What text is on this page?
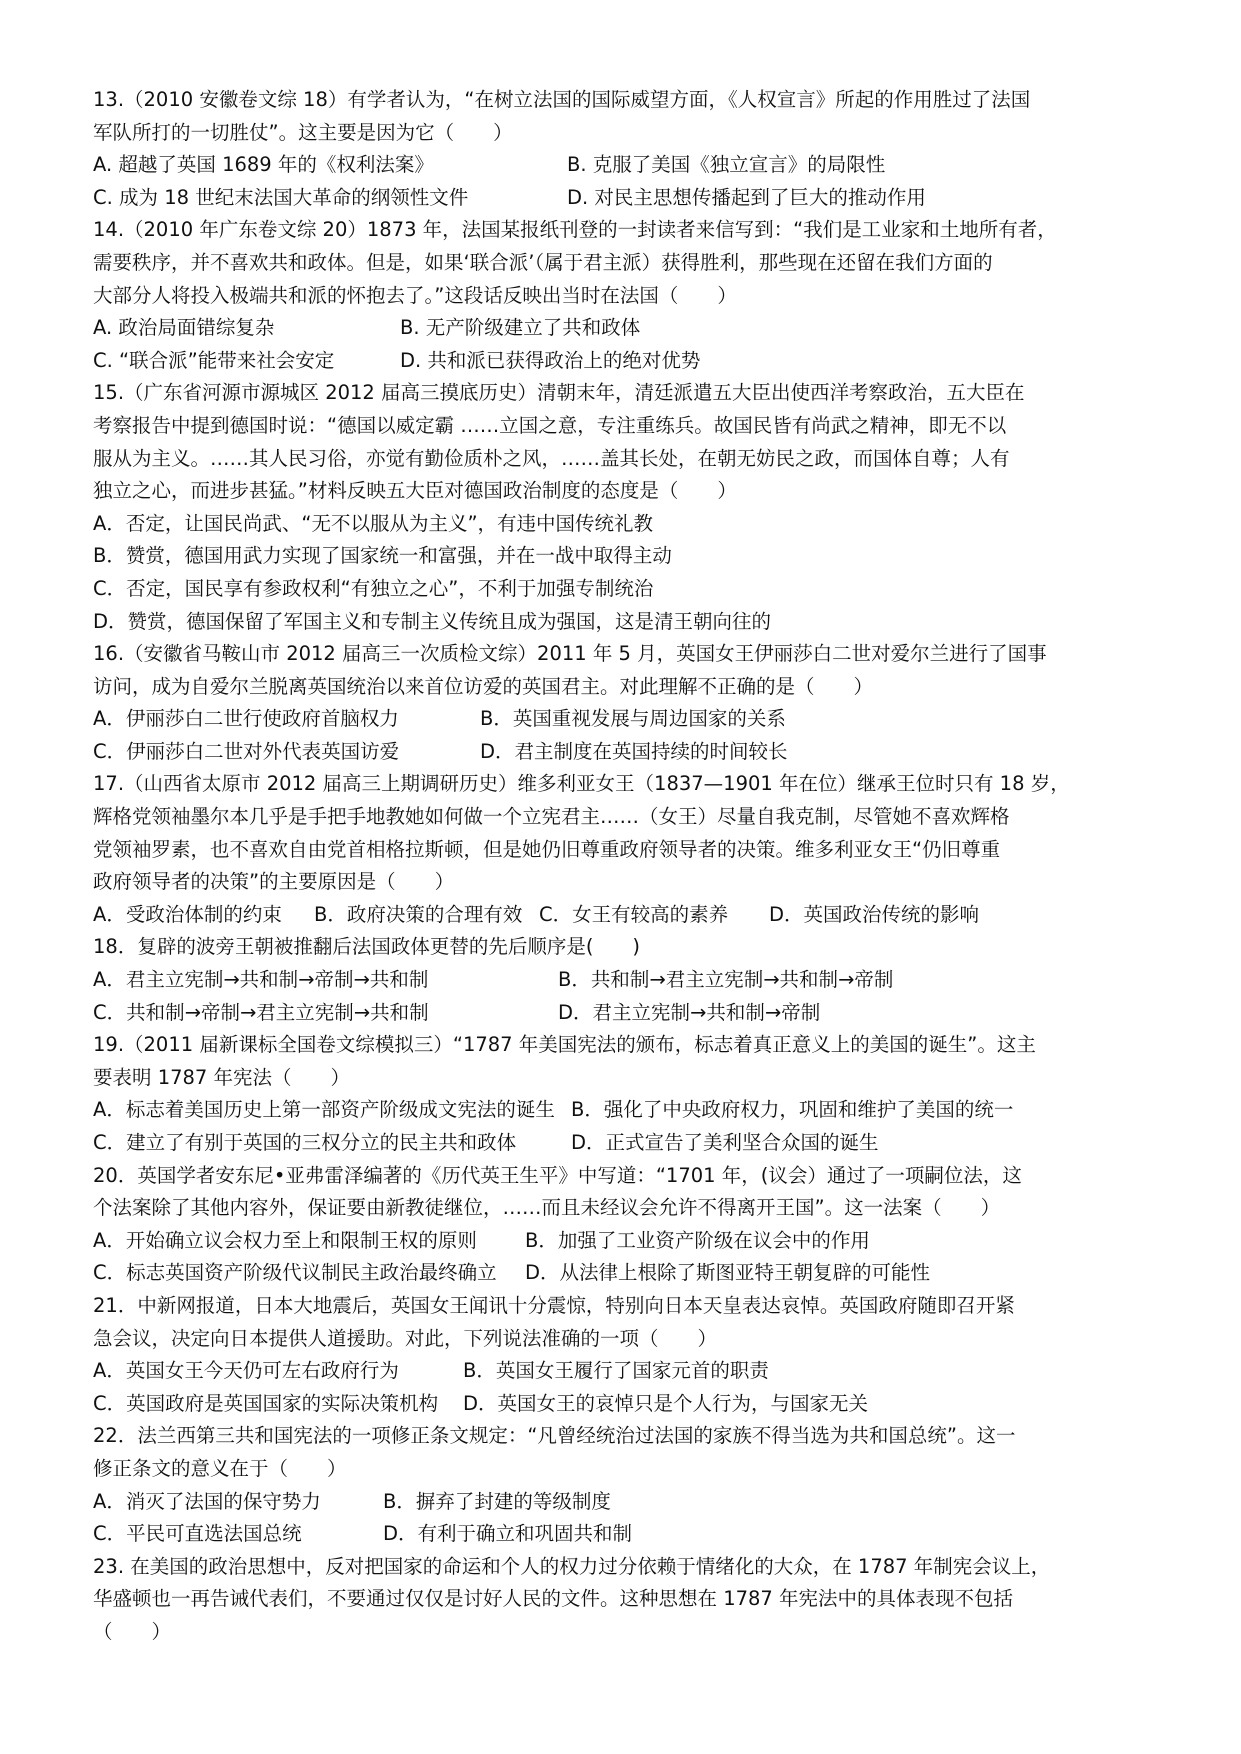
13.（2010 安徽卷文综 18）有学者认为，“在树立法国的国际威望方面，《人权宣言》所起的作用胜过了法国
军队所打的一切胜仗”。这主要是因为它（　　）
A. 超越了英国 1689 年的《权利法案》	B. 克服了美国《独立宣言》的局限性
C. 成为 18 世纪末法国大革命的纲领性文件	D. 对民主思想传播起到了巨大的推动作用
14.（2010 年广东卷文综 20）1873 年，法国某报纸刊登的一封读者来信写到：“我们是工业家和土地所有者，
需要秩序，并不喜欢共和政体。但是，如果‘联合派’（属于君主派）获得胜利，那些现在还留在我们方面的
大部分人将投入极端共和派的怀抱去了。”这段话反映出当时在法国（　　）
A. 政治局面错综复杂	B. 无产阶级建立了共和政体
C. “联合派”能带来社会安定	D. 共和派已获得政治上的绝对优势
15.（广东省河源市源城区 2012 届高三摸底历史）清朝末年，清廷派遣五大臣出使西洋考察政治，五大臣在
考察报告中提到德国时说：“德国以威定霸 ……立国之意，专注重练兵。故国民皆有尚武之精神，即无不以
服从为主义。……其人民习俗，亦觉有勤俭质朴之风，……盖其长处，在朝无妨民之政，而国体自尊；人有
独立之心，而进步甚猛。”材料反映五大臣对德国政治制度的态度是（　　）
A．否定，让国民尚武、“无不以服从为主义”，有违中国传统礼教
B．赞赏，德国用武力实现了国家统一和富强，并在一战中取得主动
C．否定，国民享有参政权利“有独立之心”，不利于加强专制统治
D．赞赏，德国保留了军国主义和专制主义传统且成为强国，这是清王朝向往的
16.（安徽省马鞍山市 2012 届高三一次质检文综）2011 年 5 月，英国女王伊丽莎白二世对爱尔兰进行了国事
访问，成为自爱尔兰脱离英国统治以来首位访爱的英国君主。对此理解不正确的是（　　）
A．伊丽莎白二世行使政府首脑权力	B．英国重视发展与周边国家的关系
C．伊丽莎白二世对外代表英国访爱	D．君主制度在英国持续的时间较长
17.（山西省太原市 2012 届高三上期调研历史）维多利亚女王（1837—1901 年在位）继承王位时只有 18 岁，
辉格党领袖墨尔本几乎是手把手地教她如何做一个立宪君主……（女王）尽量自我克制，尽管她不喜欢辉格
党领袖罗素，也不喜欢自由党首相格拉斯顿，但是她仍旧尊重政府领导者的决策。维多利亚女王“仍旧尊重
政府领导者的决策”的主要原因是（　　）
A．受政治体制的约束	B．政府决策的合理有效 C．女王有较高的素养	D．英国政治传统的影响
18．复辟的波旁王朝被推翻后法国政体更替的先后顺序是(　　)
A．君主立宪制→共和制→帝制→共和制	B．共和制→君主立宪制→共和制→帝制
C．共和制→帝制→君主立宪制→共和制	D．君主立宪制→共和制→帝制
19.（2011 届新课标全国卷文综模拟三）“1787 年美国宪法的颁布，标志着真正意义上的美国的诞生”。这主
要表明 1787 年宪法（　　）
A．标志着美国历史上第一部资产阶级成文宪法的诞生 B．强化了中央政府权力，巩固和维护了美国的统一
C．建立了有别于英国的三权分立的民主共和政体	D．正式宣告了美利坚合众国的诞生
20．英国学者安东尼•亚弗雷泽编著的《历代英王生平》中写道：“1701 年，(议会）通过了一项嗣位法，这
个法案除了其他内容外，保证要由新教徒继位，……而且未经议会允许不得离开王国”。这一法案（　　）
A．开始确立议会权力至上和限制王权的原则	B．加强了工业资产阶级在议会中的作用
C．标志英国资产阶级代议制民主政治最终确立	D．从法律上根除了斯图亚特王朝复辟的可能性
21．中新网报道，日本大地震后，英国女王闻讯十分震惊，特别向日本天皇表达哀悼。英国政府随即召开紧
急会议，决定向日本提供人道援助。对此，下列说法准确的一项（　　）
A．英国女王今天仍可左右政府行为	B．英国女王履行了国家元首的职责
C．英国政府是英国国家的实际决策机构	D．英国女王的哀悼只是个人行为，与国家无关
22．法兰西第三共和国宪法的一项修正条文规定：“凡曾经统治过法国的家族不得当选为共和国总统”。这一
修正条文的意义在于（　　）
A．消灭了法国的保守势力	B．摒弃了封建的等级制度
C．平民可直选法国总统	D．有利于确立和巩固共和制
23. 在美国的政治思想中，反对把国家的命运和个人的权力过分依赖于情绪化的大众，在 1787 年制宪会议上，
华盛顿也一再告诫代表们，不要通过仅仅是讨好人民的文件。这种思想在 1787 年宪法中的具体表现不包括
（　　）
